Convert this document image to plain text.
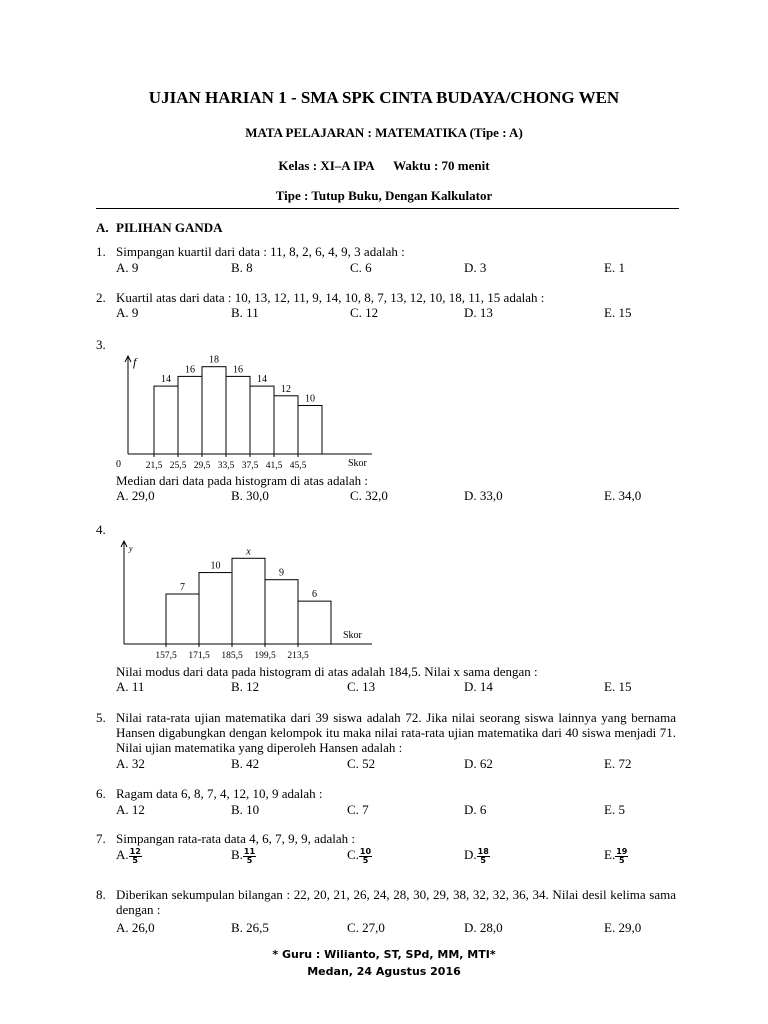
UJIAN HARIAN 1 - SMA SPK CINTA BUDAYA/CHONG WEN
MATA PELAJARAN : MATEMATIKA (Tipe : A)
Kelas : XI–A IPA      Waktu : 70 menit
Tipe : Tutup Buku, Dengan Kalkulator
A. PILIHAN GANDA
1. Simpangan kuartil dari data : 11, 8, 2, 6, 4, 9, 3 adalah :
A. 9	B. 8	C. 6	D. 3	E. 1
2. Kuartil atas dari data : 10, 13, 12, 11, 9, 14, 10, 8, 7, 13, 12, 10, 18, 11, 15 adalah :
A. 9	B. 11	C. 12	D. 13	E. 15
3.
f
Skor
0
14
16
18
16
14
12
10
21,5 25,5 29,5 33,5 37,5 41,5 45,5
Median dari data pada histogram di atas adalah :
A. 29,0	B. 30,0	C. 32,0	D. 33,0	E. 34,0
4.
y
Skor
7
10
x
9
6
157,5 171,5 185,5 199,5 213,5
Nilai modus dari data pada histogram di atas adalah 184,5. Nilai x sama dengan :
A. 11	B. 12	C. 13	D. 14	E. 15
5. Nilai rata-rata ujian matematika dari 39 siswa adalah 72. Jika nilai seorang siswa lainnya yang bernama Hansen digabungkan dengan kelompok itu maka nilai rata-rata ujian matematika dari 40 siswa menjadi 71. Nilai ujian matematika yang diperoleh Hansen adalah :
A. 32	B. 42	C. 52	D. 62	E. 72
6. Ragam data 6, 8, 7, 4, 12, 10, 9 adalah :
A. 12	B. 10	C. 7	D. 6	E. 5
7. Simpangan rata-rata data 4, 6, 7, 9, 9, adalah :
A. $\frac{12}{5}$	B. $\frac{11}{5}$	C. $\frac{10}{5}$	D. $\frac{18}{5}$	E. $\frac{19}{5}$
8. Diberikan sekumpulan bilangan : 22, 20, 21, 26, 24, 28, 30, 29, 38, 32, 32, 36, 34. Nilai desil kelima sama dengan :
A. 26,0	B. 26,5	C. 27,0	D. 28,0	E. 29,0
* Guru : Wilianto, ST, SPd, MM, MTI*
Medan, 24 Agustus 2016
